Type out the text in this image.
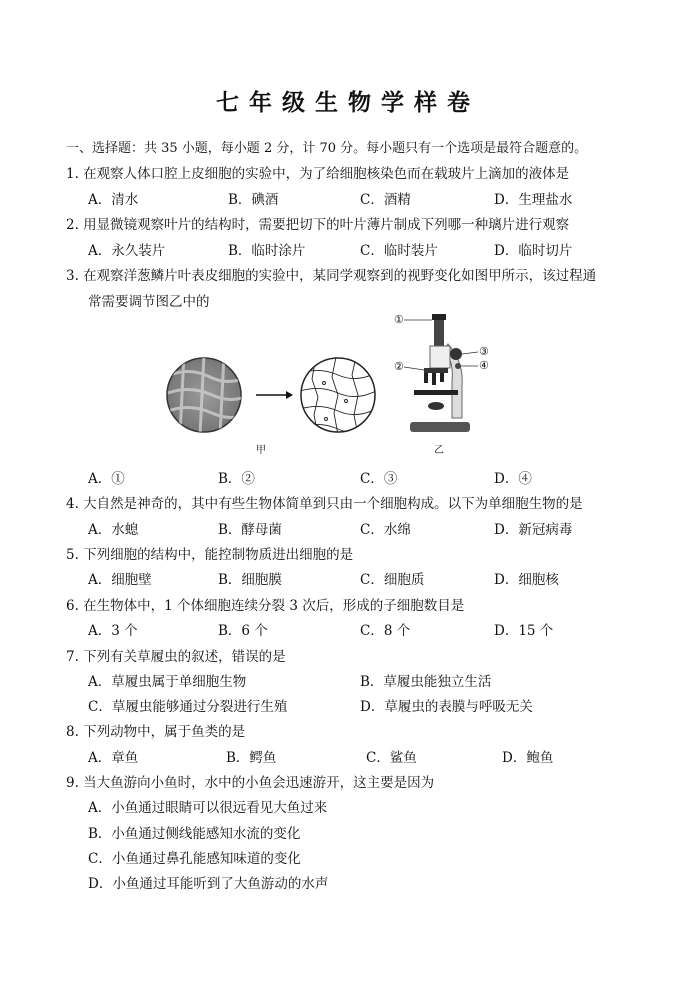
七年级生物学样卷
一、选择题：共 35 小题，每小题 2 分，计 70 分。每小题只有一个选项是最符合题意的。
1. 在观察人体口腔上皮细胞的实验中，为了给细胞核染色而在载玻片上滴加的液体是
A．清水	B．碘酒	C．酒精	D．生理盐水
2. 用显微镜观察叶片的结构时，需要把切下的叶片薄片制成下列哪一种璃片进行观察
A．永久装片	B．临时涂片	C．临时装片	D．临时切片
3. 在观察洋葱鳞片叶表皮细胞的实验中，某同学观察到的视野变化如图甲所示，该过程通
常需要调节图乙中的
甲
①
②
③
④
乙
A．①	B．②	C．③	D．④
4. 大自然是神奇的，其中有些生物体简单到只由一个细胞构成。以下为单细胞生物的是
A．水螅	B．酵母菌	C．水绵	D．新冠病毒
5. 下列细胞的结构中，能控制物质进出细胞的是
A．细胞壁	B．细胞膜	C．细胞质	D．细胞核
6. 在生物体中，1 个体细胞连续分裂 3 次后，形成的子细胞数目是
A．3 个	B．6 个	C．8 个	D．15 个
7. 下列有关草履虫的叙述，错误的是
A．草履虫属于单细胞生物	B．草履虫能独立生活
C．草履虫能够通过分裂进行生殖	D．草履虫的表膜与呼吸无关
8. 下列动物中，属于鱼类的是
A．章鱼	B．鳄鱼	C．鲨鱼	D．鲍鱼
9. 当大鱼游向小鱼时，水中的小鱼会迅速游开，这主要是因为
A．小鱼通过眼睛可以很远看见大鱼过来
B．小鱼通过侧线能感知水流的变化
C．小鱼通过鼻孔能感知味道的变化
D．小鱼通过耳能听到了大鱼游动的水声
